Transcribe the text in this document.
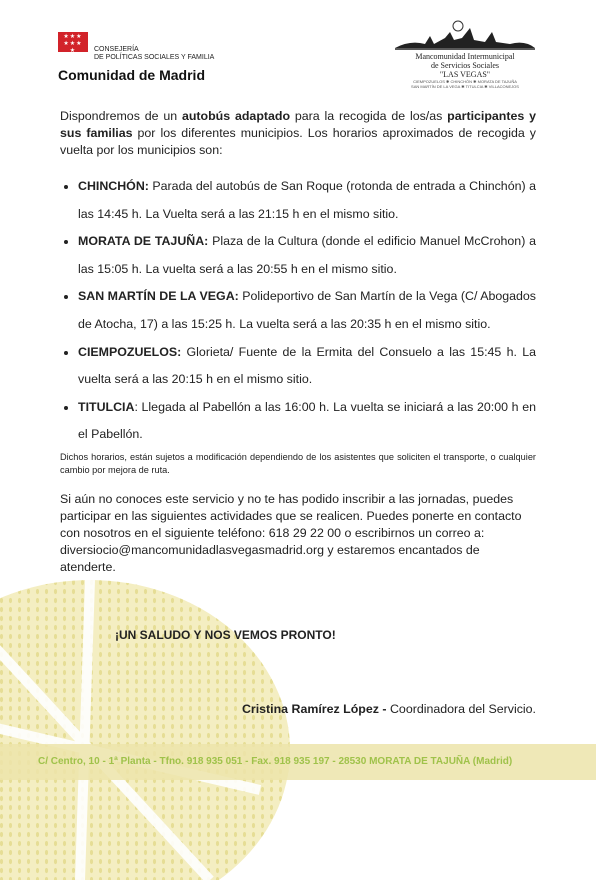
★★★
★★★
★	CONSEJERÍA
DE POLÍTICAS SOCIALES Y FAMILIA
Comunidad de Madrid
Mancomunidad Intermunicipal
de Servicios Sociales
"LAS VEGAS"
CIEMPOZUELOS ✱ CHINCHÓN ✱ MORATA DE TAJUÑA
SAN MARTÍN DE LA VEGA ✱ TITULCIA ✱ VILLACONEJOS

Dispondremos de un autobús adaptado para la recogida de los/as participantes y sus familias por los diferentes municipios. Los horarios aproximados de recogida y vuelta por los municipios son:

• CHINCHÓN: Parada del autobús de San Roque (rotonda de entrada a Chinchón) a las 14:45 h. La Vuelta será a las 21:15 h en el mismo sitio.
• MORATA DE TAJUÑA: Plaza de la Cultura (donde el edificio Manuel McCrohon) a las 15:05 h. La vuelta será a las 20:55 h en el mismo sitio.
• SAN MARTÍN DE LA VEGA: Polideportivo de San Martín de la Vega (C/ Abogados de Atocha, 17) a las 15:25 h. La vuelta será a las 20:35 h en el mismo sitio.
• CIEMPOZUELOS: Glorieta/ Fuente de la Ermita del Consuelo a las 15:45 h. La vuelta será a las 20:15 h en el mismo sitio.
• TITULCIA: Llegada al Pabellón a las 16:00 h. La vuelta se iniciará a las 20:00 h en el Pabellón.

Dichos horarios, están sujetos a modificación dependiendo de los asistentes que soliciten el transporte, o cualquier cambio por mejora de ruta.

Si aún no conoces este servicio y no te has podido inscribir a las jornadas, puedes participar en las siguientes actividades que se realicen. Puedes ponerte en contacto con nosotros en el siguiente teléfono: 618 29 22 00 o escribirnos un correo a: diversiocio@mancomunidadlasvegasmadrid.org y estaremos encantados de atenderte.

¡UN SALUDO Y NOS VEMOS PRONTO!
Cristina Ramírez López - Coordinadora del Servicio.
C/ Centro, 10 - 1ª Planta - Tfno. 918 935 051 - Fax. 918 935 197 - 28530 MORATA DE TAJUÑA (Madrid)
